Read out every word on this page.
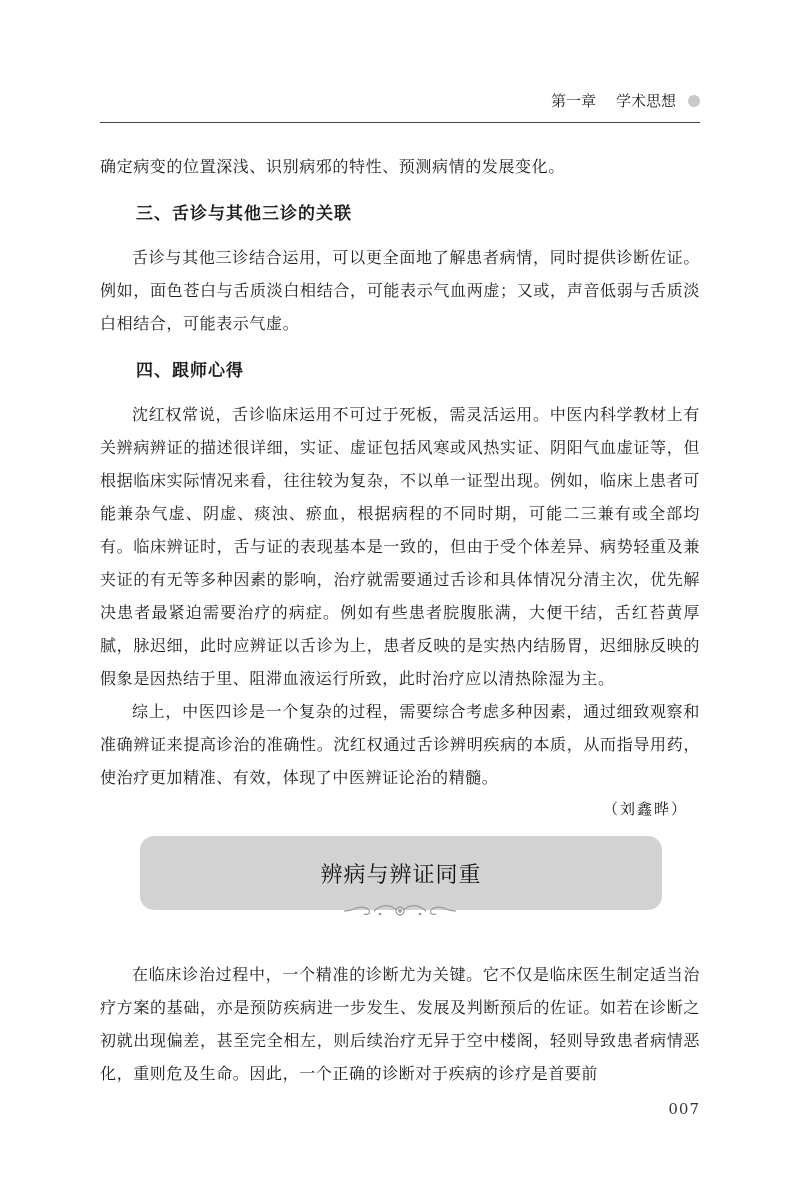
第一章 学术思想

确定病变的位置深浅、识别病邪的特性、预测病情的发展变化。

三、舌诊与其他三诊的关联

舌诊与其他三诊结合运用，可以更全面地了解患者病情，同时提供诊断佐证。例如，面色苍白与舌质淡白相结合，可能表示气血两虚；又或，声音低弱与舌质淡白相结合，可能表示气虚。

四、跟师心得

沈红权常说，舌诊临床运用不可过于死板，需灵活运用。中医内科学教材上有关辨病辨证的描述很详细，实证、虚证包括风寒或风热实证、阴阳气血虚证等，但根据临床实际情况来看，往往较为复杂，不以单一证型出现。例如，临床上患者可能兼杂气虚、阴虚、痰浊、瘀血，根据病程的不同时期，可能二三兼有或全部均有。临床辨证时，舌与证的表现基本是一致的，但由于受个体差异、病势轻重及兼夹证的有无等多种因素的影响，治疗就需要通过舌诊和具体情况分清主次，优先解决患者最紧迫需要治疗的病症。例如有些患者脘腹胀满，大便干结，舌红苔黄厚腻，脉迟细，此时应辨证以舌诊为上，患者反映的是实热内结肠胃，迟细脉反映的假象是因热结于里、阻滞血液运行所致，此时治疗应以清热除湿为主。

综上，中医四诊是一个复杂的过程，需要综合考虑多种因素，通过细致观察和准确辨证来提高诊治的准确性。沈红权通过舌诊辨明疾病的本质，从而指导用药，使治疗更加精准、有效，体现了中医辨证论治的精髓。

（刘鑫晔）
辨病与辨证同重

在临床诊治过程中，一个精准的诊断尤为关键。它不仅是临床医生制定适当治疗方案的基础，亦是预防疾病进一步发生、发展及判断预后的佐证。如若在诊断之初就出现偏差，甚至完全相左，则后续治疗无异于空中楼阁，轻则导致患者病情恶化，重则危及生命。因此，一个正确的诊断对于疾病的诊疗是首要前

007
